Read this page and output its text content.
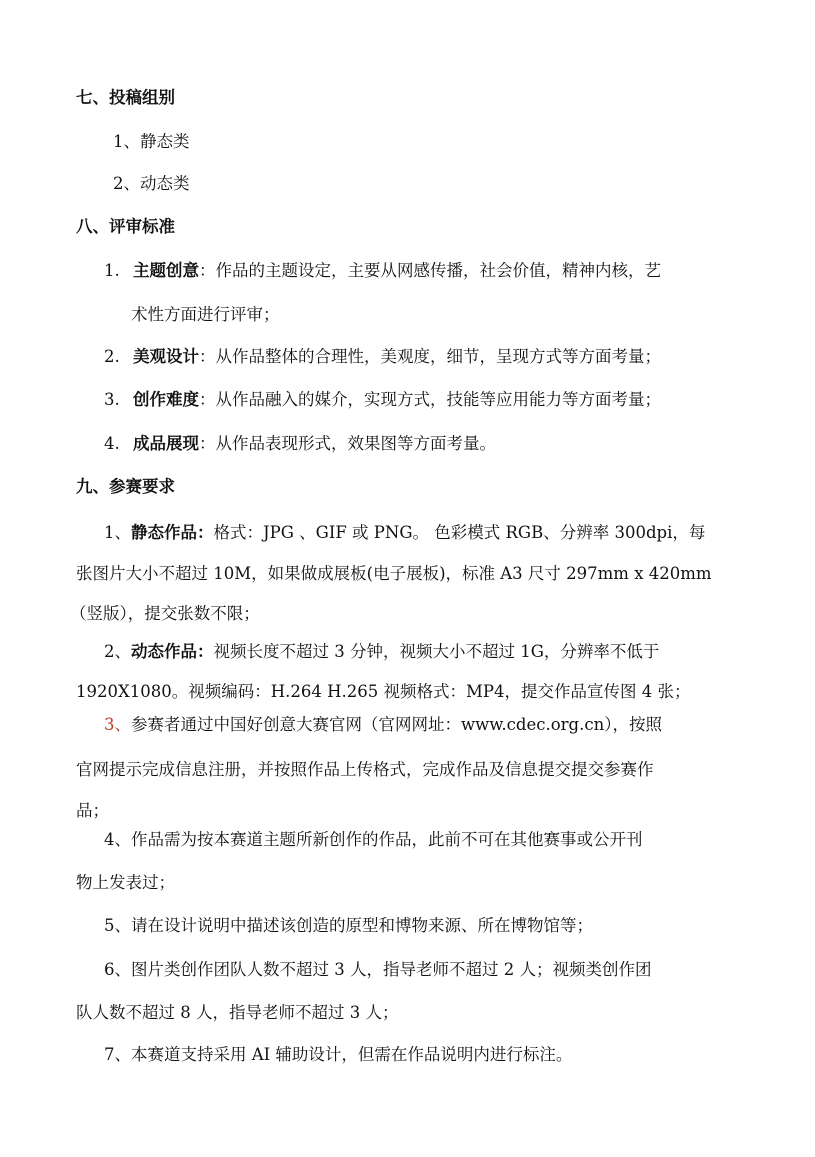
七、投稿组别
1、静态类
2、动态类
八、评审标准
1. 主题创意：作品的主题设定，主要从网感传播，社会价值，精神内核，艺
术性方面进行评审；
2. 美观设计：从作品整体的合理性，美观度，细节，呈现方式等方面考量；
3. 创作难度：从作品融入的媒介，实现方式，技能等应用能力等方面考量；
4. 成品展现：从作品表现形式，效果图等方面考量。
九、参赛要求
1、静态作品：格式：JPG 、GIF 或 PNG。 色彩模式 RGB、分辨率 300dpi，每
张图片大小不超过 10M，如果做成展板(电子展板)，标准 A3 尺寸 297mm x 420mm
（竖版），提交张数不限；
2、动态作品：视频长度不超过 3 分钟，视频大小不超过 1G，分辨率不低于
1920X1080。视频编码：H.264 H.265 视频格式：MP4，提交作品宣传图 4 张；
3、参赛者通过中国好创意大赛官网（官网网址：www.cdec.org.cn），按照
官网提示完成信息注册，并按照作品上传格式，完成作品及信息提交提交参赛作
品；
4、作品需为按本赛道主题所新创作的作品，此前不可在其他赛事或公开刊
物上发表过；
5、请在设计说明中描述该创造的原型和博物来源、所在博物馆等；
6、图片类创作团队人数不超过 3 人，指导老师不超过 2 人；视频类创作团
队人数不超过 8 人，指导老师不超过 3 人；
7、本赛道支持采用 AI 辅助设计，但需在作品说明内进行标注。
